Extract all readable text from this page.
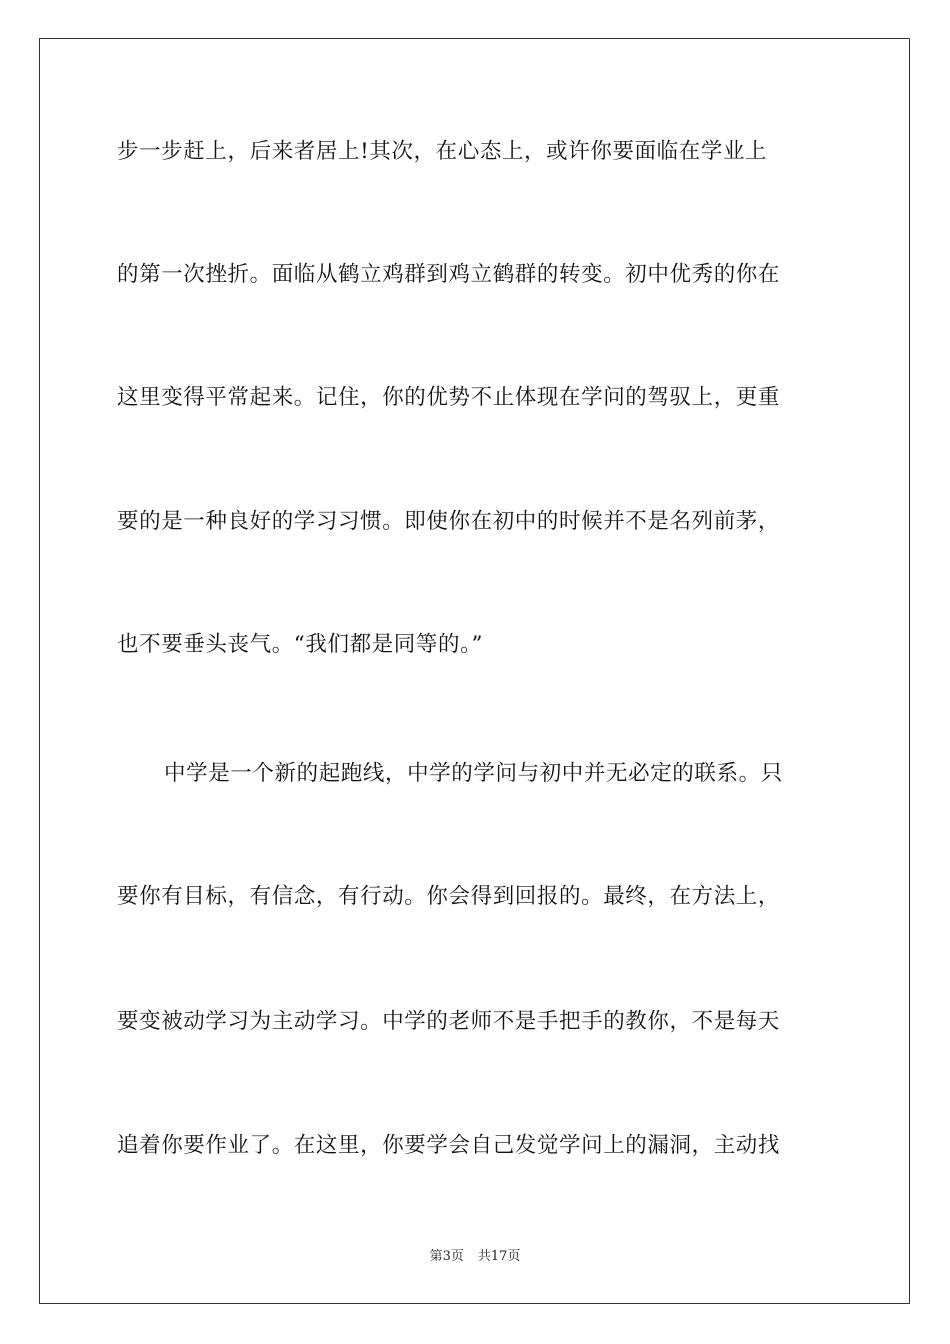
步一步赶上，后来者居上!其次，在心态上，或许你要面临在学业上
的第一次挫折。面临从鹤立鸡群到鸡立鹤群的转变。初中优秀的你在
这里变得平常起来。记住，你的优势不止体现在学问的驾驭上，更重
要的是一种良好的学习习惯。即使你在初中的时候并不是名列前茅，
也不要垂头丧气。“我们都是同等的。”
中学是一个新的起跑线，中学的学问与初中并无必定的联系。只
要你有目标，有信念，有行动。你会得到回报的。最终，在方法上，
要变被动学习为主动学习。中学的老师不是手把手的教你，不是每天
追着你要作业了。在这里，你要学会自己发觉学问上的漏洞，主动找
第3页 共17页
